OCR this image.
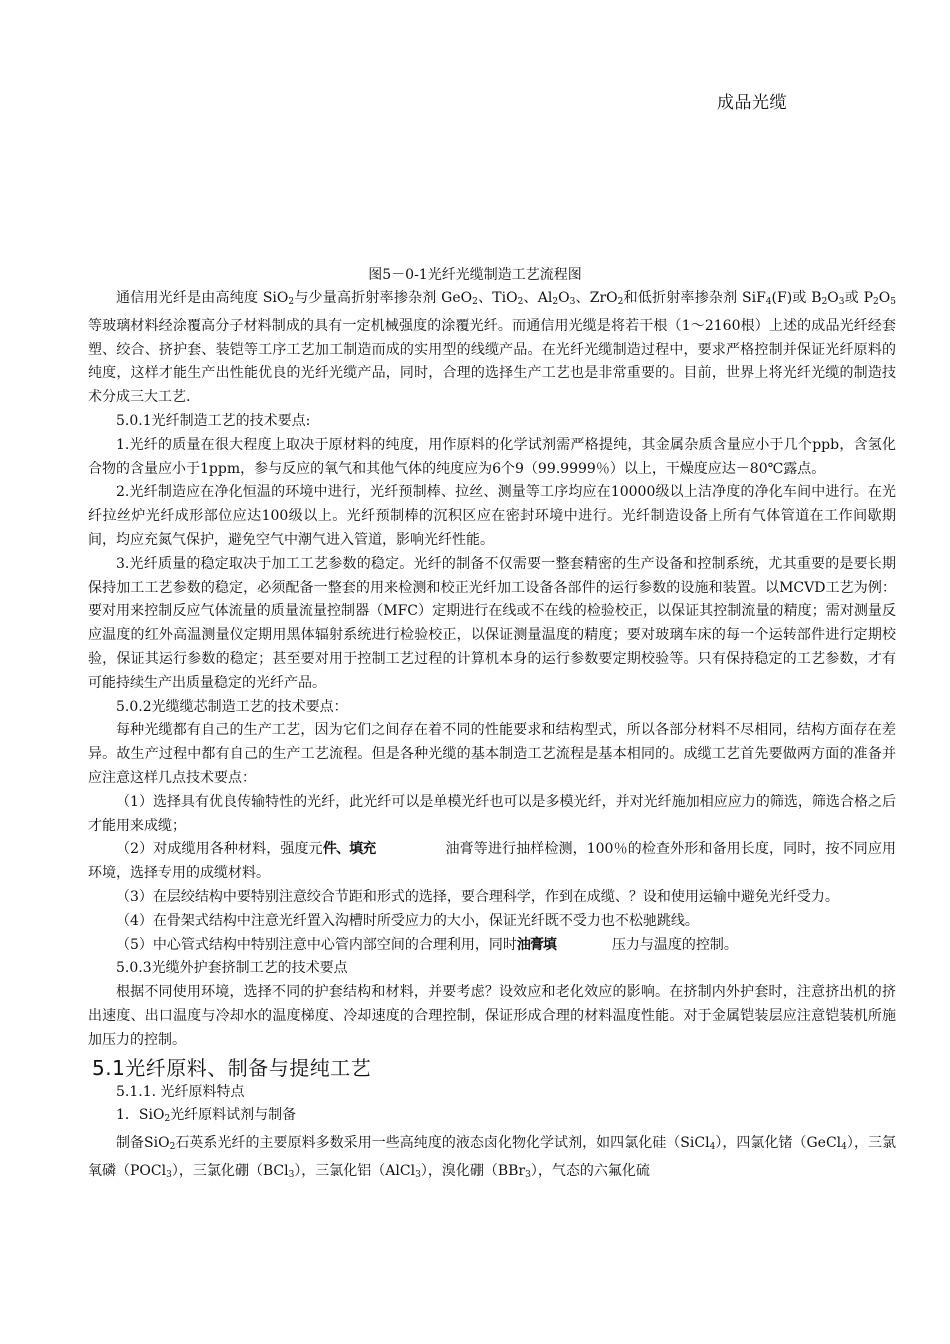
成品光缆
图5－0-1光纤光缆制造工艺流程图

通信用光纤是由高纯度 SiO$_2$与少量高折射率掺杂剂 GeO$_2$、TiO$_2$、$Al_2O_3$、ZrO$_2$和低折射率掺杂剂 SiF$_4$(F)或 $B_2O_3$或 $P_2O_5$等玻璃材料经涂覆高分子材料制成的具有一定机械强度的涂覆光纤。而通信用光缆是将若干根（1～2160根）上述的成品光纤经套塑、绞合、挤护套、装铠等工序工艺加工制造而成的实用型的线缆产品。在光纤光缆制造过程中，要求严格控制并保证光纤原料的纯度，这样才能生产出性能优良的光纤光缆产品，同时，合理的选择生产工艺也是非常重要的。目前，世界上将光纤光缆的制造技术分成三大工艺.

5.0.1光纤制造工艺的技术要点:

1.光纤的质量在很大程度上取决于原材料的纯度，用作原料的化学试剂需严格提纯，其金属杂质含量应小于几个ppb，含氢化合物的含量应小于1ppm，参与反应的氧气和其他气体的纯度应为6个9（99.9999％）以上，干燥度应达－80℃露点。

2.光纤制造应在净化恒温的环境中进行，光纤预制棒、拉丝、测量等工序均应在10000级以上洁净度的净化车间中进行。在光纤拉丝炉光纤成形部位应达100级以上。光纤预制棒的沉积区应在密封环境中进行。光纤制造设备上所有气体管道在工作间歇期间，均应充氮气保护，避免空气中潮气进入管道，影响光纤性能。

3.光纤质量的稳定取决于加工工艺参数的稳定。光纤的制备不仅需要一整套精密的生产设备和控制系统，尤其重要的是要长期保持加工工艺参数的稳定，必须配备一整套的用来检测和校正光纤加工设备各部件的运行参数的设施和装置。以MCVD工艺为例：要对用来控制反应气体流量的质量流量控制器（MFC）定期进行在线或不在线的检验校正，以保证其控制流量的精度；需对测量反应温度的红外高温测量仪定期用黑体辐射系统进行检验校正，以保证测量温度的精度；要对玻璃车床的每一个运转部件进行定期校验，保证其运行参数的稳定；甚至要对用于控制工艺过程的计算机本身的运行参数要定期校验等。只有保持稳定的工艺参数，才有可能持续生产出质量稳定的光纤产品。

5.0.2光缆缆芯制造工艺的技术要点：

每种光缆都有自己的生产工艺，因为它们之间存在着不同的性能要求和结构型式，所以各部分材料不尽相同，结构方面存在差异。故生产过程中都有自己的生产工艺流程。但是各种光缆的基本制造工艺流程是基本相同的。成缆工艺首先要做两方面的准备并应注意这样几点技术要点：

（1）选择具有优良传输特性的光纤，此光纤可以是单模光纤也可以是多模光纤，并对光纤施加相应应力的筛选，筛选合格之后才能用来成缆；

（2）对成缆用各种材料，强度元件、填充	油膏等进行抽样检测，100％的检查外形和备用长度，同时，按不同应用环境，选择专用的成缆材料。

（3）在层绞结构中要特别注意绞合节距和形式的选择，要合理科学，作到在成缆、？设和使用运输中避免光纤受力。

（4）在骨架式结构中注意光纤置入沟槽时所受应力的大小，保证光纤既不受力也不松驰跳线。

（5）中心管式结构中特别注意中心管内部空间的合理利用，同时油膏填	压力与温度的控制。

5.0.3光缆外护套挤制工艺的技术要点

根据不同使用环境，选择不同的护套结构和材料，并要考虑？设效应和老化效应的影响。在挤制内外护套时，注意挤出机的挤出速度、出口温度与冷却水的温度梯度、冷却速度的合理控制，保证形成合理的材料温度性能。对于金属铠装层应注意铠装机所施加压力的控制。

5.1光纤原料、制备与提纯工艺

5.1.1. 光纤原料特点

1．SiO$_2$光纤原料试剂与制备

制备SiO$_2$石英系光纤的主要原料多数采用一些高纯度的液态卤化物化学试剂，如四氯化硅（SiCl$_4$），四氯化锗（GeCl$_4$），三氯氧磷（POCl$_3$），三氯化硼（BCl$_3$），三氯化铝（AlCl$_3$），溴化硼（BBr$_3$），气态的六氟化硫
